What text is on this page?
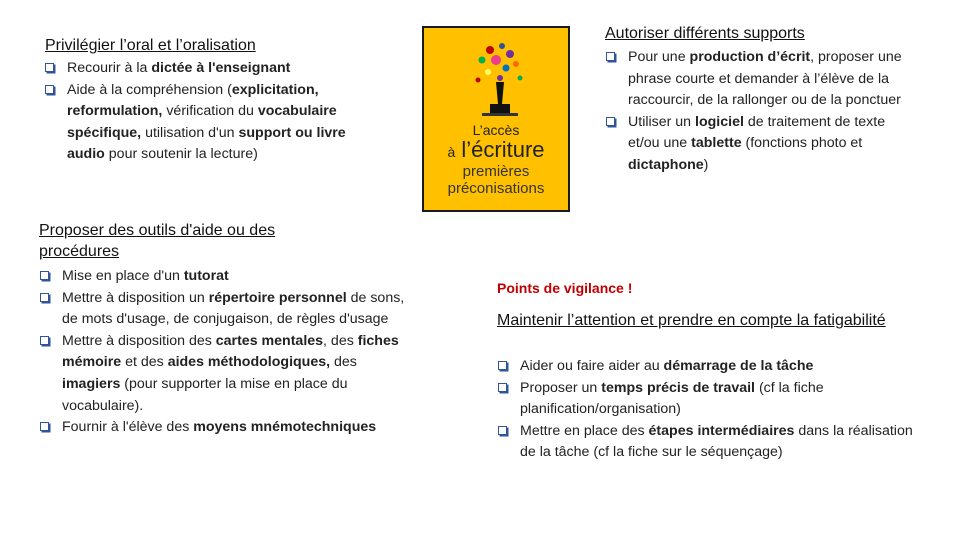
Privilégier l’oral et l’oralisation
Recourir à la dictée à l'enseignant
Aide à la compréhension (explicitation, reformulation, vérification du vocabulaire spécifique, utilisation d'un support ou livre audio pour soutenir la lecture)
Proposer des outils d'aide ou des procédures
Mise en place d'un tutorat
Mettre à disposition un répertoire personnel de sons, de mots d'usage, de conjugaison, de règles d'usage
Mettre à disposition des cartes mentales, des fiches mémoire et des aides méthodologiques, des imagiers (pour supporter la mise en place du vocabulaire).
Fournir à l'élève des moyens mnémotechniques
L’accès
à l’écriture
premières préconisations
Autoriser différents supports
Pour une production d’écrit, proposer une phrase courte et demander à l’élève de la raccourcir, de la rallonger ou de la ponctuer
Utiliser un logiciel de traitement de texte et/ou une tablette (fonctions photo et dictaphone)
Points de vigilance !
Maintenir l’attention et prendre en compte la fatigabilité
Aider ou faire aider au démarrage de la tâche
Proposer un temps précis de travail (cf la fiche planification/organisation)
Mettre en place des étapes intermédiaires dans la réalisation de la tâche (cf la fiche sur le séquençage)
